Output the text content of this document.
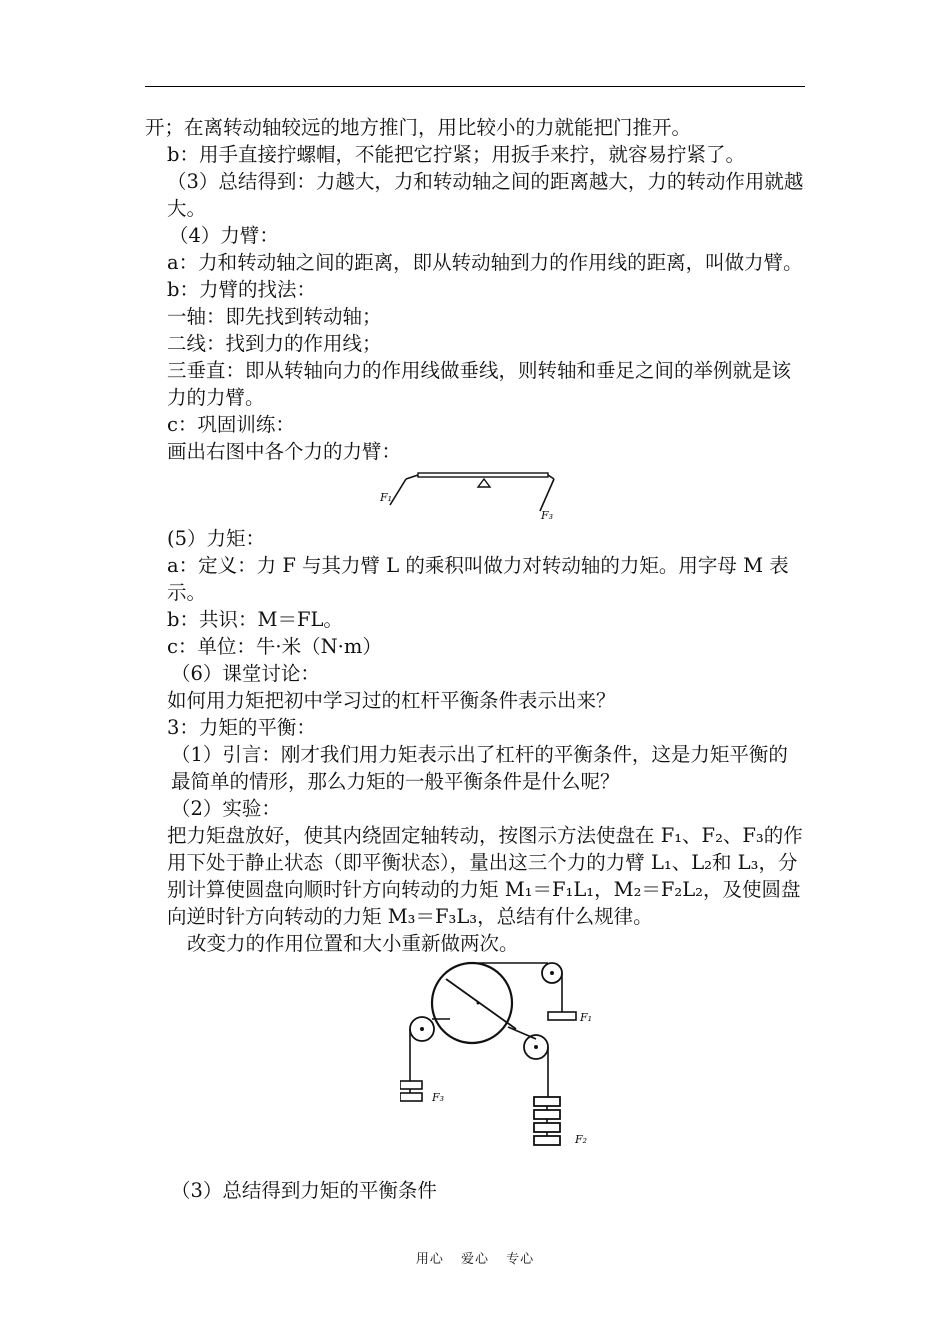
开；在离转动轴较远的地方推门，用比较小的力就能把门推开。
b：用手直接拧螺帽，不能把它拧紧；用扳手来拧，就容易拧紧了。
（3）总结得到：力越大，力和转动轴之间的距离越大，力的转动作用就越大。
（4）力臂：
a：力和转动轴之间的距离，即从转动轴到力的作用线的距离，叫做力臂。
b：力臂的找法：
一轴：即先找到转动轴；
二线：找到力的作用线；
三垂直：即从转轴向力的作用线做垂线，则转轴和垂足之间的举例就是该力的力臂。
c：巩固训练：
画出右图中各个力的力臂：
F₁
F₃
(5）力矩：
a：定义：力 F 与其力臂 L 的乘积叫做力对转动轴的力矩。用字母 M 表示。
b：共识：M＝FL。
c：单位：牛·米（N·m）
（6）课堂讨论：
如何用力矩把初中学习过的杠杆平衡条件表示出来？
3：力矩的平衡：
（1）引言：刚才我们用力矩表示出了杠杆的平衡条件，这是力矩平衡的最简单的情形，那么力矩的一般平衡条件是什么呢？
（2）实验：
把力矩盘放好，使其内绕固定轴转动，按图示方法使盘在 F₁、F₂、F₃的作用下处于静止状态（即平衡状态），量出这三个力的力臂 L₁、L₂和 L₃，分别计算使圆盘向顺时针方向转动的力矩 M₁＝F₁L₁，M₂＝F₂L₂，及使圆盘向逆时针方向转动的力矩 M₃＝F₃L₃，总结有什么规律。
改变力的作用位置和大小重新做两次。
F₁
F₃
F₂
（3）总结得到力矩的平衡条件
用心 爱心 专心
